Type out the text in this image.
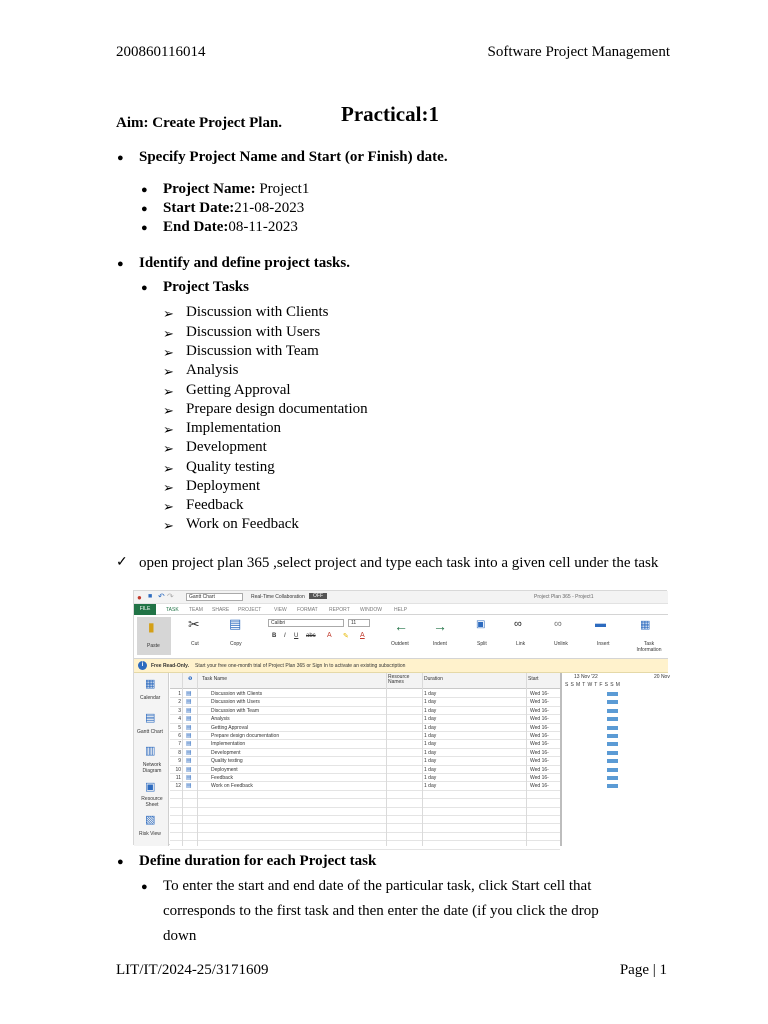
200860116014	Software Project Management
Aim: Create Project Plan.	Practical:1
● Specify Project Name and Start (or Finish) date.
● Project Name: Project1
● Start Date:21-08-2023
● End Date:08-11-2023
● Identify and define project tasks.
● Project Tasks
➢ Discussion with Clients
➢ Discussion with Users
➢ Discussion with Team
➢ Analysis
➢ Getting Approval
➢ Prepare design documentation
➢ Implementation
➢ Development
➢ Quality testing
➢ Deployment
➢ Feedback
➢ Work on Feedback
✓ open project plan 365 ,select project and type each task into a given cell under the task
● ■ ↶ ↷	Gantt Chart	Real-Time Collaboration	OFF	Project Plan 365 - Project1
FILE	TASK TEAM SHARE PROJECT	VIEW FORMAT REPORT WINDOW HELP
▮
Paste
✂
Cut
▤
Copy
Calibri	11
B I U abc A ✎ A
←
Outdent
→
Indent
▣
Split
∞
Link
∞
Unlink
▬
Insert
▦
Task Information
i	Free Read-Only. Start your free one-month trial of Project Plan 365 or Sign In to activate an existing subscription
▦
Calendar
▤
Gantt Chart
▥
Network Diagram
▣
Resource Sheet
▧
Risk View
❶ Task Name	Resource Names	Duration	Start
1 ▤	Discussion with Clients	1 day	Wed 16-
2 ▤	Discussion with Users	1 day	Wed 16-
3 ▤	Discussion with Team	1 day	Wed 16-
4 ▤	Analysis	1 day	Wed 16-
5 ▤	Getting Approval	1 day	Wed 16-
6 ▤	Prepare design documentation	1 day	Wed 16-
7 ▤	Implementation	1 day	Wed 16-
8 ▤	Development	1 day	Wed 16-
9 ▤	Quality testing	1 day	Wed 16-
10 ▤	Deployment	1 day	Wed 16-
11 ▤	Feedback	1 day	Wed 16-
12 ▤	Work on Feedback	1 day	Wed 16-
13 Nov '22	20 Nov
S S M T W T F S S M
● Define duration for each Project task
● To enter the start and end date of the particular task, click Start cell that
corresponds to the first task and then enter the date (if you click the drop
down
LIT/IT/2024-25/3171609	Page | 1
